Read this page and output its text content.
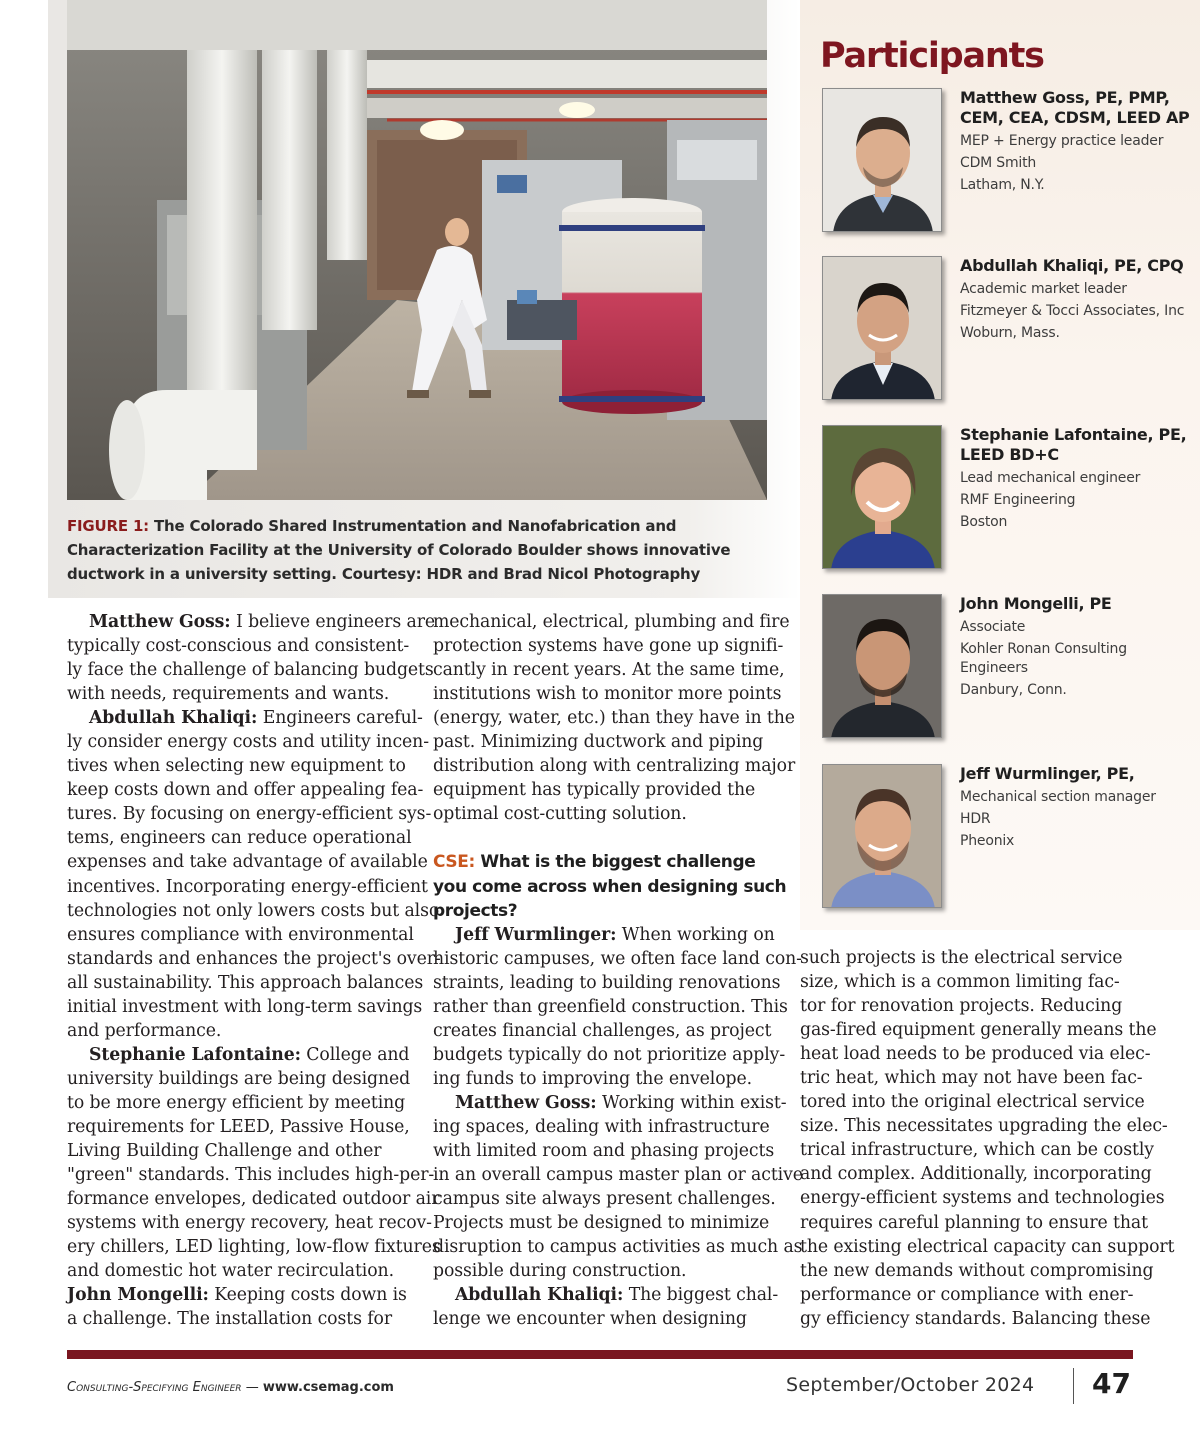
FIGURE 1: The Colorado Shared Instrumentation and Nanofabrication and Characterization Facility at the University of Colorado Boulder shows innovative ductwork in a university setting. Courtesy: HDR and Brad Nicol Photography
Participants
Matthew Goss, PE, PMP, CEM, CEA, CDSM, LEED AP
MEP + Energy practice leader
CDM Smith
Latham, N.Y.
Abdullah Khaliqi, PE, CPQ
Academic market leader
Fitzmeyer & Tocci Associates, Inc
Woburn, Mass.
Stephanie Lafontaine, PE, LEED BD+C
Lead mechanical engineer
RMF Engineering
Boston
John Mongelli, PE
Associate
Kohler Ronan Consulting Engineers
Danbury, Conn.
Jeff Wurmlinger, PE,
Mechanical section manager
HDR
Pheonix
Matthew Goss: I believe engineers are
typically cost-conscious and consistent-
ly face the challenge of balancing budgets
with needs, requirements and wants.
Abdullah Khaliqi: Engineers careful-
ly consider energy costs and utility incen-
tives when selecting new equipment to
keep costs down and offer appealing fea-
tures. By focusing on energy-efficient sys-
tems, engineers can reduce operational
expenses and take advantage of available
incentives. Incorporating energy-efficient
technologies not only lowers costs but also
ensures compliance with environmental
standards and enhances the project's over-
all sustainability. This approach balances
initial investment with long-term savings
and performance.
Stephanie Lafontaine: College and
university buildings are being designed
to be more energy efficient by meeting
requirements for LEED, Passive House,
Living Building Challenge and other
"green" standards. This includes high-per-
formance envelopes, dedicated outdoor air
systems with energy recovery, heat recov-
ery chillers, LED lighting, low-flow fixtures
and domestic hot water recirculation.
John Mongelli: Keeping costs down is
a challenge. The installation costs for
mechanical, electrical, plumbing and fire
protection systems have gone up signifi-
cantly in recent years. At the same time,
institutions wish to monitor more points
(energy, water, etc.) than they have in the
past. Minimizing ductwork and piping
distribution along with centralizing major
equipment has typically provided the
optimal cost-cutting solution.
CSE: What is the biggest challenge
you come across when designing such
projects?
Jeff Wurmlinger: When working on
historic campuses, we often face land con-
straints, leading to building renovations
rather than greenfield construction. This
creates financial challenges, as project
budgets typically do not prioritize apply-
ing funds to improving the envelope.
Matthew Goss: Working within exist-
ing spaces, dealing with infrastructure
with limited room and phasing projects
in an overall campus master plan or active
campus site always present challenges.
Projects must be designed to minimize
disruption to campus activities as much as
possible during construction.
Abdullah Khaliqi: The biggest chal-
lenge we encounter when designing
such projects is the electrical service
size, which is a common limiting fac-
tor for renovation projects. Reducing
gas-fired equipment generally means the
heat load needs to be produced via elec-
tric heat, which may not have been fac-
tored into the original electrical service
size. This necessitates upgrading the elec-
trical infrastructure, which can be costly
and complex. Additionally, incorporating
energy-efficient systems and technologies
requires careful planning to ensure that
the existing electrical capacity can support
the new demands without compromising
performance or compliance with ener-
gy efficiency standards. Balancing these
Consulting-Specifying Engineer — www.csemag.com	September/October 2024 47
